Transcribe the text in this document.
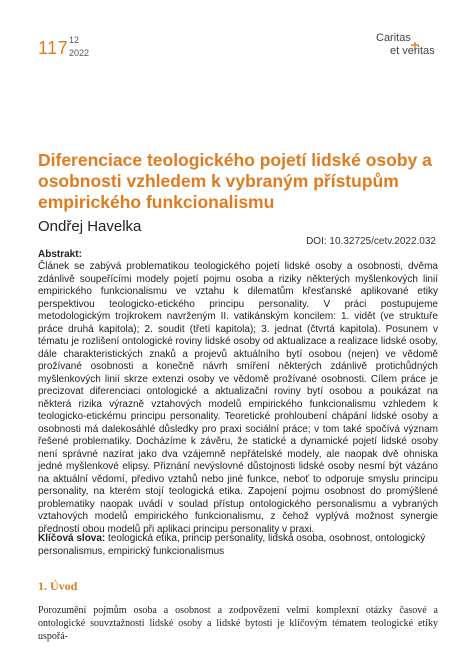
117 12
2022
Caritas
et veritas
Diferenciace teologického pojetí lidské osoby a osobnosti vzhledem k vybraným přístupům empirického funkcionalismu
Ondřej Havelka
DOI: 10.32725/cetv.2022.032
Abstrakt:
Článek se zabývá problematikou teologického pojetí lidské osoby a osobnosti, dvěma zdánlivě soupeřícími modely pojetí pojmu osoba a riziky některých myšlenkových linií empirického funkcionalismu ve vztahu k dilematům křesťanské aplikované etiky perspektivou teologicko-etického principu personality. V práci postupujeme metodologickým trojkrokem navrženým II. vatikánským koncilem: 1. vidět (ve struktuře práce druhá kapitola); 2. soudit (třetí kapitola); 3. jednat (čtvrtá kapitola). Posunem v tématu je rozlišení ontologické roviny lidské osoby od aktualizace a realizace lidské osoby, dále charakteristických znaků a projevů aktuálního bytí osobou (nejen) ve vědomě prožívané osobnosti a konečně návrh smíření některých zdánlivě protichůdných myšlenkových linií skrze extenzi osoby ve vědomě prožívané osobnosti. Cílem práce je precizovat diferenciaci ontologické a aktualizační roviny bytí osobou a poukázat na některá rizika výrazně vztahových modelů empirického funkcionalismu vzhledem k teologicko-etickému principu personality. Teoretické prohloubení chápání lidské osoby a osobnosti má dalekosáhlé důsledky pro praxi sociální práce; v tom také spočívá význam řešené problematiky. Docházíme k závěru, že statické a dynamické pojetí lidské osoby není správné nazírat jako dva vzájemně nepřátelské modely, ale naopak dvě ohniska jedné myšlenkové elipsy. Přiznání nevýslovné důstojnosti lidské osoby nesmí být vázáno na aktuální vědomí, předivo vztahů nebo jiné funkce, neboť to odporuje smyslu principu personality, na kterém stojí teologická etika. Zapojení pojmu osobnost do promýšlené problematiky naopak uvádí v soulad přístup ontologického personalismu a vybraných vztahových modelů empirického funkcionalismu, z čehož vyplývá možnost synergie předností obou modelů při aplikaci principu personality v praxi.
Klíčová slova: teologická etika, princip personality, lidská osoba, osobnost, ontologický personalismus, empirický funkcionalismus
1. Úvod
Porozumění pojmům osoba a osobnost a zodpovězení velmi komplexní otázky časové a ontologické souvztažnosti lidské osoby a lidské bytosti je klíčovým tématem teologické etiky uspořá-
